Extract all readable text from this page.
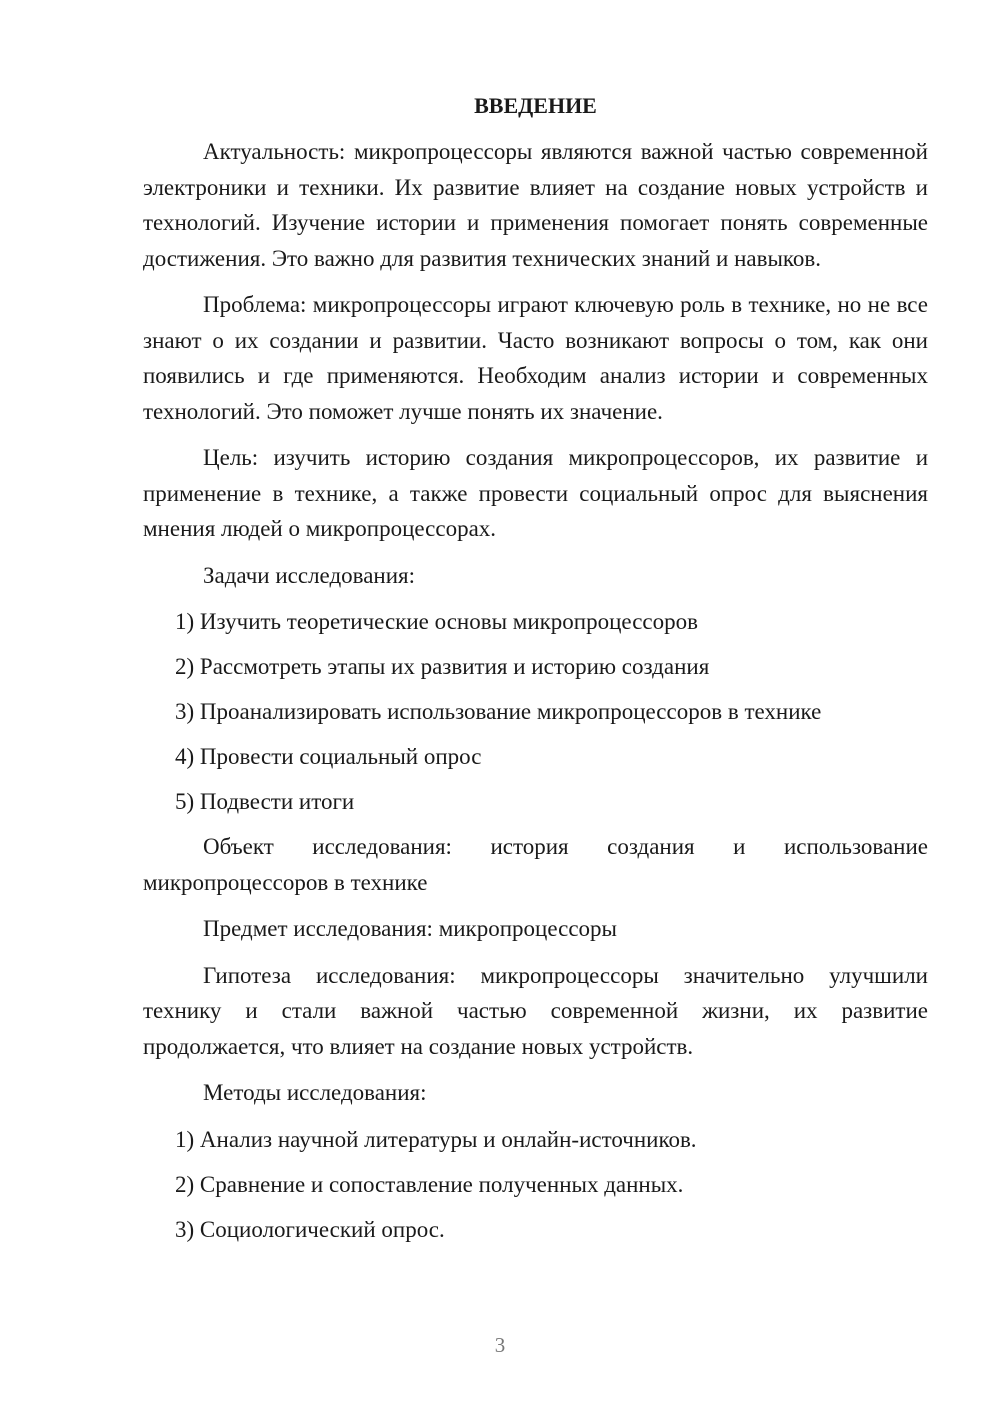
ВВЕДЕНИЕ

Актуальность: микропроцессоры являются важной частью современной электроники и техники. Их развитие влияет на создание новых устройств и технологий. Изучение истории и применения помогает понять современные достижения. Это важно для развития технических знаний и навыков.

Проблема: микропроцессоры играют ключевую роль в технике, но не все знают о их создании и развитии. Часто возникают вопросы о том, как они появились и где применяются. Необходим анализ истории и современных технологий. Это поможет лучше понять их значение.

Цель: изучить историю создания микропроцессоров, их развитие и применение в технике, а также провести социальный опрос для выяснения мнения людей о микропроцессорах.

Задачи исследования:

1) Изучить теоретические основы микропроцессоров
2) Рассмотреть этапы их развития и историю создания
3) Проанализировать использование микропроцессоров в технике
4) Провести социальный опрос
5) Подвести итоги

Объект исследования: история создания и использование микропроцессоров в технике

Предмет исследования: микропроцессоры

Гипотеза исследования: микропроцессоры значительно улучшили технику и стали важной частью современной жизни, их развитие продолжается, что влияет на создание новых устройств.

Методы исследования:

1) Анализ научной литературы и онлайн-источников.
2) Сравнение и сопоставление полученных данных.
3) Социологический опрос.
3
